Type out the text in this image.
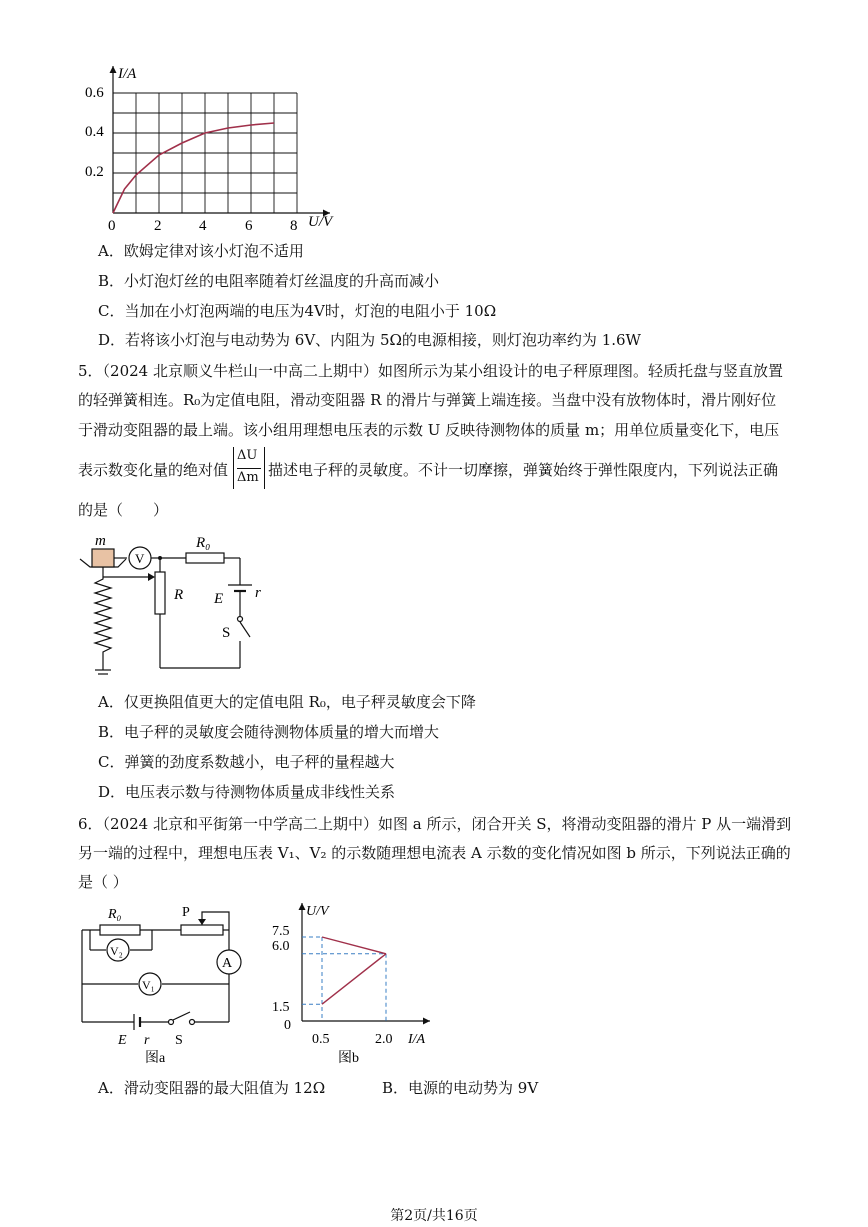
I/A
U/V
0.6
0.4
0.2
0	2	4	6	8
A．欧姆定律对该小灯泡不适用
B．小灯泡灯丝的电阻率随着灯丝温度的升高而减小
C．当加在小灯泡两端的电压为4V时，灯泡的电阻小于 10Ω
D．若将该小灯泡与电动势为 6V、内阻为 5Ω的电源相接，则灯泡功率约为 1.6W
5．（2024 北京顺义牛栏山一中高二上期中）如图所示为某小组设计的电子秤原理图。轻质托盘与竖直放置
的轻弹簧相连。R₀为定值电阻，滑动变阻器 R 的滑片与弹簧上端连接。当盘中没有放物体时，滑片刚好位
于滑动变阻器的最上端。该小组用理想电压表的示数 U 反映待测物体的质量 m；用单位质量变化下，电压
表示数变化量的绝对值
ΔU
Δm 描述电子秤的灵敏度。不计一切摩擦，弹簧始终于弹性限度内，下列说法正确
的是（　　）
m
V
R₀
R E r
S
A．仅更换阻值更大的定值电阻 R₀，电子秤灵敏度会下降
B．电子秤的灵敏度会随待测物体质量的增大而增大
C．弹簧的劲度系数越小，电子秤的量程越大
D．电压表示数与待测物体质量成非线性关系
6．（2024 北京和平街第一中学高二上期中）如图 a 所示，闭合开关 S，将滑动变阻器的滑片 P 从一端滑到
另一端的过程中，理想电压表 V₁、V₂ 的示数随理想电流表 A 示数的变化情况如图 b 所示，下列说法正确的
是（ ）
R₀	P
V₂
A
V₁
E r S
图a
U/V
I/A
7.5
6.0
1.5
0
0.5	2.0
图b
A．滑动变阻器的最大阻值为 12Ω	B．电源的电动势为 9V
第2页/共16页
